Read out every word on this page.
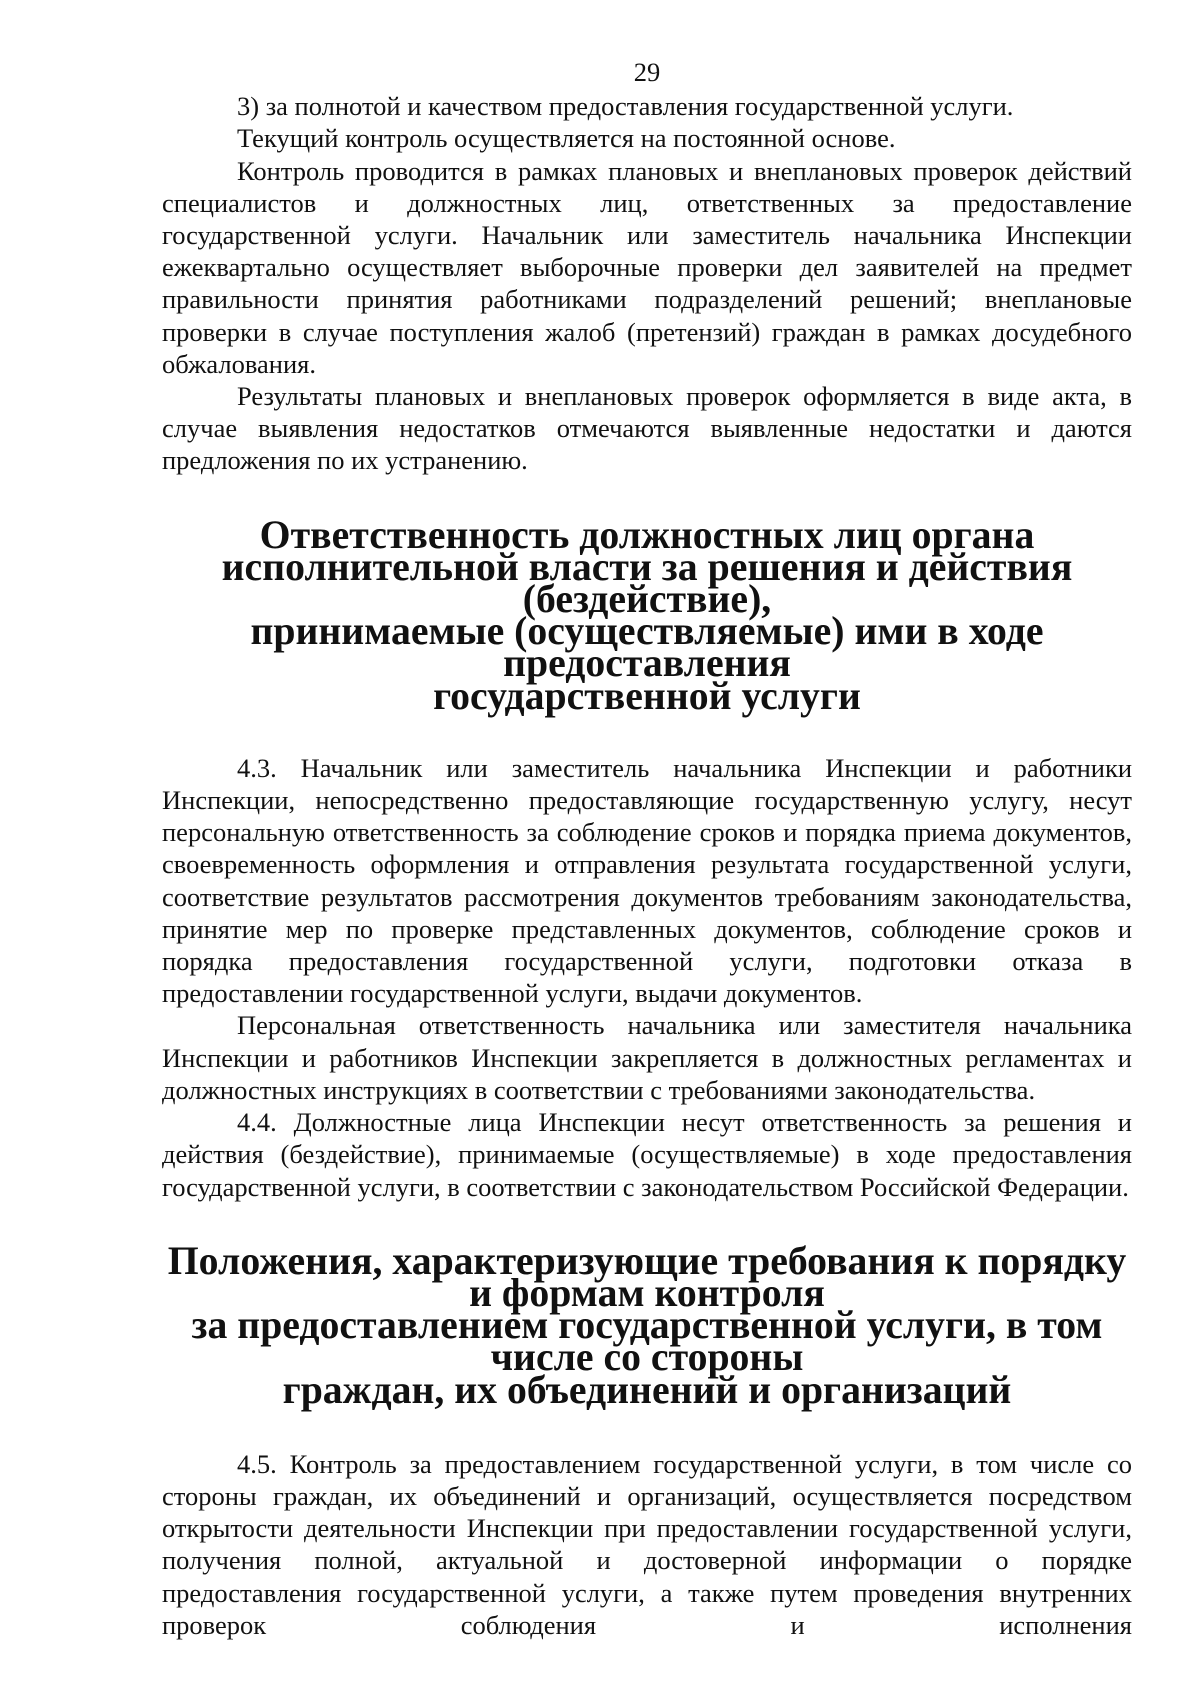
29

3) за полнотой и качеством предоставления государственной услуги.

Текущий контроль осуществляется на постоянной основе.

Контроль проводится в рамках плановых и внеплановых проверок действий специалистов и должностных лиц, ответственных за предоставление государственной услуги. Начальник или заместитель начальника Инспекции ежеквартально осуществляет выборочные проверки дел заявителей на предмет правильности принятия работниками подразделений решений; внеплановые проверки в случае поступления жалоб (претензий) граждан в рамках досудебного обжалования.

Результаты плановых и внеплановых проверок оформляется в виде акта, в случае выявления недостатков отмечаются выявленные недостатки и даются предложения по их устранению.

Ответственность должностных лиц органа
исполнительной власти за решения и действия (бездействие),
принимаемые (осуществляемые) ими в ходе предоставления
государственной услуги

4.3. Начальник или заместитель начальника Инспекции и работники Инспекции, непосредственно предоставляющие государственную услугу, несут персональную ответственность за соблюдение сроков и порядка приема документов, своевременность оформления и отправления результата государственной услуги, соответствие результатов рассмотрения документов требованиям законодательства, принятие мер по проверке представленных документов, соблюдение сроков и порядка предоставления государственной услуги, подготовки отказа в предоставлении государственной услуги, выдачи документов.

Персональная ответственность начальника или заместителя начальника Инспекции и работников Инспекции закрепляется в должностных регламентах и должностных инструкциях в соответствии с требованиями законодательства.

4.4. Должностные лица Инспекции несут ответственность за решения и действия (бездействие), принимаемые (осуществляемые) в ходе предоставления государственной услуги, в соответствии с законодательством Российской Федерации.

Положения, характеризующие требования к порядку и формам контроля
за предоставлением государственной услуги, в том числе со стороны
граждан, их объединений и организаций

4.5. Контроль за предоставлением государственной услуги, в том числе со стороны граждан, их объединений и организаций, осуществляется посредством открытости деятельности Инспекции при предоставлении государственной услуги, получения полной, актуальной и достоверной информации о порядке предоставления государственной услуги, а также путем проведения внутренних проверок соблюдения и исполнения
